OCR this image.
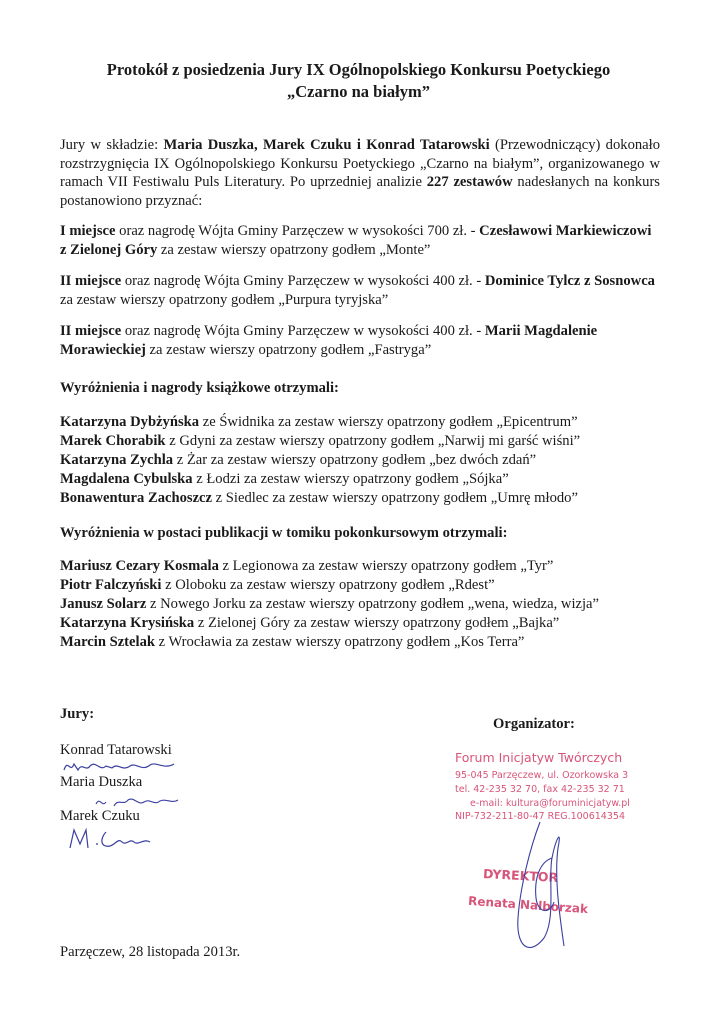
Protokół z posiedzenia Jury IX Ogólnopolskiego Konkursu Poetyckiego
„Czarno na białym”

Jury w składzie: Maria Duszka, Marek Czuku i Konrad Tatarowski (Przewodniczący) dokonało rozstrzygnięcia IX Ogólnopolskiego Konkursu Poetyckiego „Czarno na białym”, organizowanego w ramach VII Festiwalu Puls Literatury. Po uprzedniej analizie 227 zestawów nadesłanych na konkurs postanowiono przyznać:

I miejsce oraz nagrodę Wójta Gminy Parzęczew w wysokości 700 zł. - Czesławowi Markiewiczowi z Zielonej Góry za zestaw wierszy opatrzony godłem „Monte”

II miejsce oraz nagrodę Wójta Gminy Parzęczew w wysokości 400 zł. - Dominice Tylcz z Sosnowca za zestaw wierszy opatrzony godłem „Purpura tyryjska”

II miejsce oraz nagrodę Wójta Gminy Parzęczew w wysokości 400 zł. - Marii Magdalenie Morawieckiej za zestaw wierszy opatrzony godłem „Fastryga”

Wyróżnienia i nagrody książkowe otrzymali:
Katarzyna Dybżyńska ze Świdnika za zestaw wierszy opatrzony godłem „Epicentrum”
Marek Chorabik z Gdyni za zestaw wierszy opatrzony godłem „Narwij mi garść wiśni”
Katarzyna Zychla z Żar za zestaw wierszy opatrzony godłem „bez dwóch zdań”
Magdalena Cybulska z Łodzi za zestaw wierszy opatrzony godłem „Sójka”
Bonawentura Zachoszcz z Siedlec za zestaw wierszy opatrzony godłem „Umrę młodo”
Wyróżnienia w postaci publikacji w tomiku pokonkursowym otrzymali:
Mariusz Cezary Kosmala z Legionowa za zestaw wierszy opatrzony godłem „Tyr”
Piotr Falczyński z Oloboku za zestaw wierszy opatrzony godłem „Rdest”
Janusz Solarz z Nowego Jorku za zestaw wierszy opatrzony godłem „wena, wiedza, wizja”
Katarzyna Krysińska z Zielonej Góry za zestaw wierszy opatrzony godłem „Bajka”
Marcin Sztelak z Wrocławia za zestaw wierszy opatrzony godłem „Kos Terra”
Jury:
Konrad Tatarowski
Maria Duszka
Marek Czuku
Organizator:
Forum Inicjatyw Twórczych
95-045 Parzęczew, ul. Ozorkowska 3
tel. 42-235 32 70, fax 42-235 32 71
e-mail: kultura@foruminicjatyw.pl
NIP-732-211-80-47 REG.100614354
DYREKTOR
Renata Nalborzak
Parzęczew, 28 listopada 2013r.
